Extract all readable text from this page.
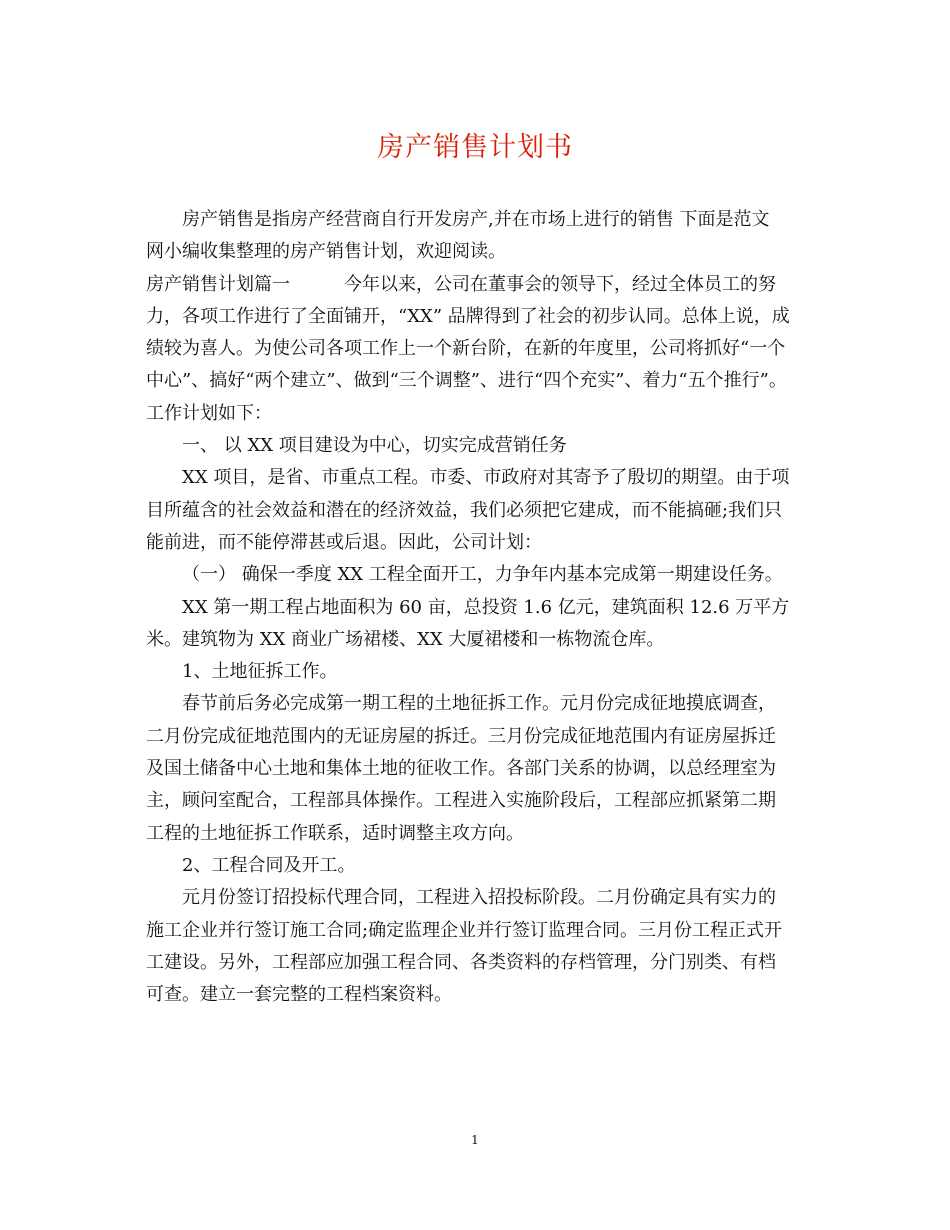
房产销售计划书
房产销售是指房产经营商自行开发房产,并在市场上进行的销售 下面是范文
网小编收集整理的房产销售计划，欢迎阅读。
房产销售计划篇一	今年以来，公司在董事会的领导下，经过全体员工的努
力，各项工作进行了全面铺开，“XX” 品牌得到了社会的初步认同。总体上说，成
绩较为喜人。为使公司各项工作上一个新台阶，在新的年度里，公司将抓好“一个
中心”、搞好“两个建立”、做到“三个调整”、进行“四个充实”、着力“五个推行”。
工作计划如下：
一、 以 XX 项目建设为中心，切实完成营销任务
XX 项目，是省、市重点工程。市委、市政府对其寄予了殷切的期望。由于项
目所蕴含的社会效益和潜在的经济效益，我们必须把它建成，而不能搞砸;我们只
能前进，而不能停滞甚或后退。因此，公司计划：
（一） 确保一季度 XX 工程全面开工，力争年内基本完成第一期建设任务。
XX 第一期工程占地面积为 60 亩，总投资 1.6 亿元，建筑面积 12.6 万平方
米。建筑物为 XX 商业广场裙楼、XX 大厦裙楼和一栋物流仓库。
1、土地征拆工作。
春节前后务必完成第一期工程的土地征拆工作。元月份完成征地摸底调查，
二月份完成征地范围内的无证房屋的拆迁。三月份完成征地范围内有证房屋拆迁
及国土储备中心土地和集体土地的征收工作。各部门关系的协调，以总经理室为
主，顾问室配合，工程部具体操作。工程进入实施阶段后，工程部应抓紧第二期
工程的土地征拆工作联系，适时调整主攻方向。
2、工程合同及开工。
元月份签订招投标代理合同，工程进入招投标阶段。二月份确定具有实力的
施工企业并行签订施工合同;确定监理企业并行签订监理合同。三月份工程正式开
工建设。另外，工程部应加强工程合同、各类资料的存档管理，分门别类、有档
可查。建立一套完整的工程档案资料。
1
